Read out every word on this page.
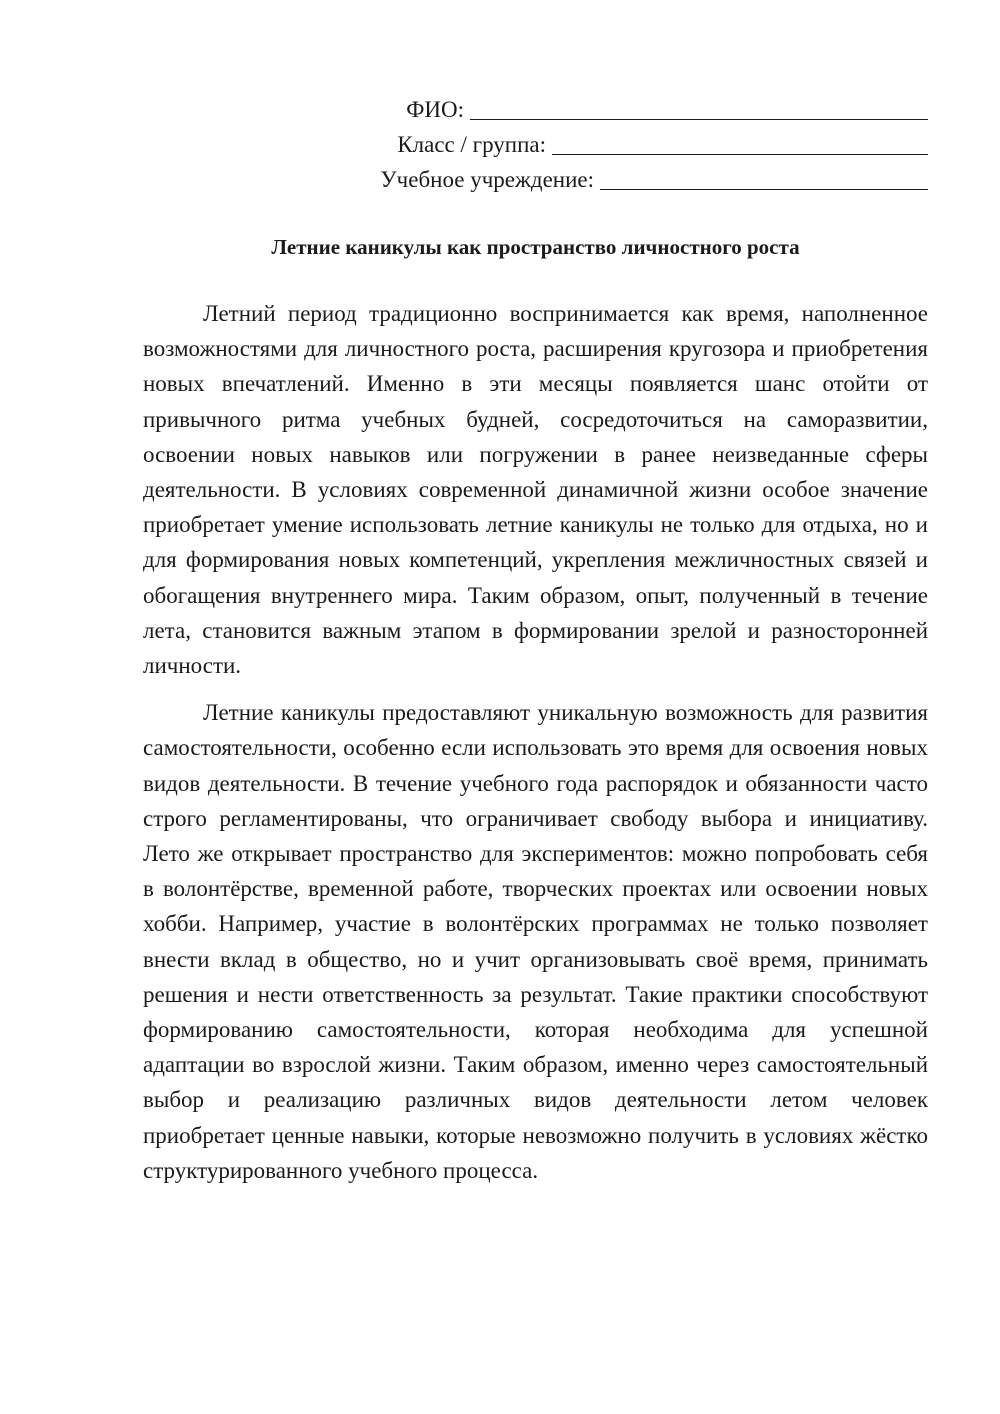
ФИО:
Класс / группа:
Учебное учреждение:
Летние каникулы как пространство личностного роста

Летний период традиционно воспринимается как время, наполненное возможностями для личностного роста, расширения кругозора и приобретения новых впечатлений. Именно в эти месяцы появляется шанс отойти от привычного ритма учебных будней, сосредоточиться на саморазвитии, освоении новых навыков или погружении в ранее неизведанные сферы деятельности. В условиях современной динамичной жизни особое значение приобретает умение использовать летние каникулы не только для отдыха, но и для формирования новых компетенций, укрепления межличностных связей и обогащения внутреннего мира. Таким образом, опыт, полученный в течение лета, становится важным этапом в формировании зрелой и разносторонней личности.

Летние каникулы предоставляют уникальную возможность для развития самостоятельности, особенно если использовать это время для освоения новых видов деятельности. В течение учебного года распорядок и обязанности часто строго регламентированы, что ограничивает свободу выбора и инициативу. Лето же открывает пространство для экспериментов: можно попробовать себя в волонтёрстве, временной работе, творческих проектах или освоении новых хобби. Например, участие в волонтёрских программах не только позволяет внести вклад в общество, но и учит организовывать своё время, принимать решения и нести ответственность за результат. Такие практики способствуют формированию самостоятельности, которая необходима для успешной адаптации во взрослой жизни. Таким образом, именно через самостоятельный выбор и реализацию различных видов деятельности летом человек приобретает ценные навыки, которые невозможно получить в условиях жёстко структурированного учебного процесса.
